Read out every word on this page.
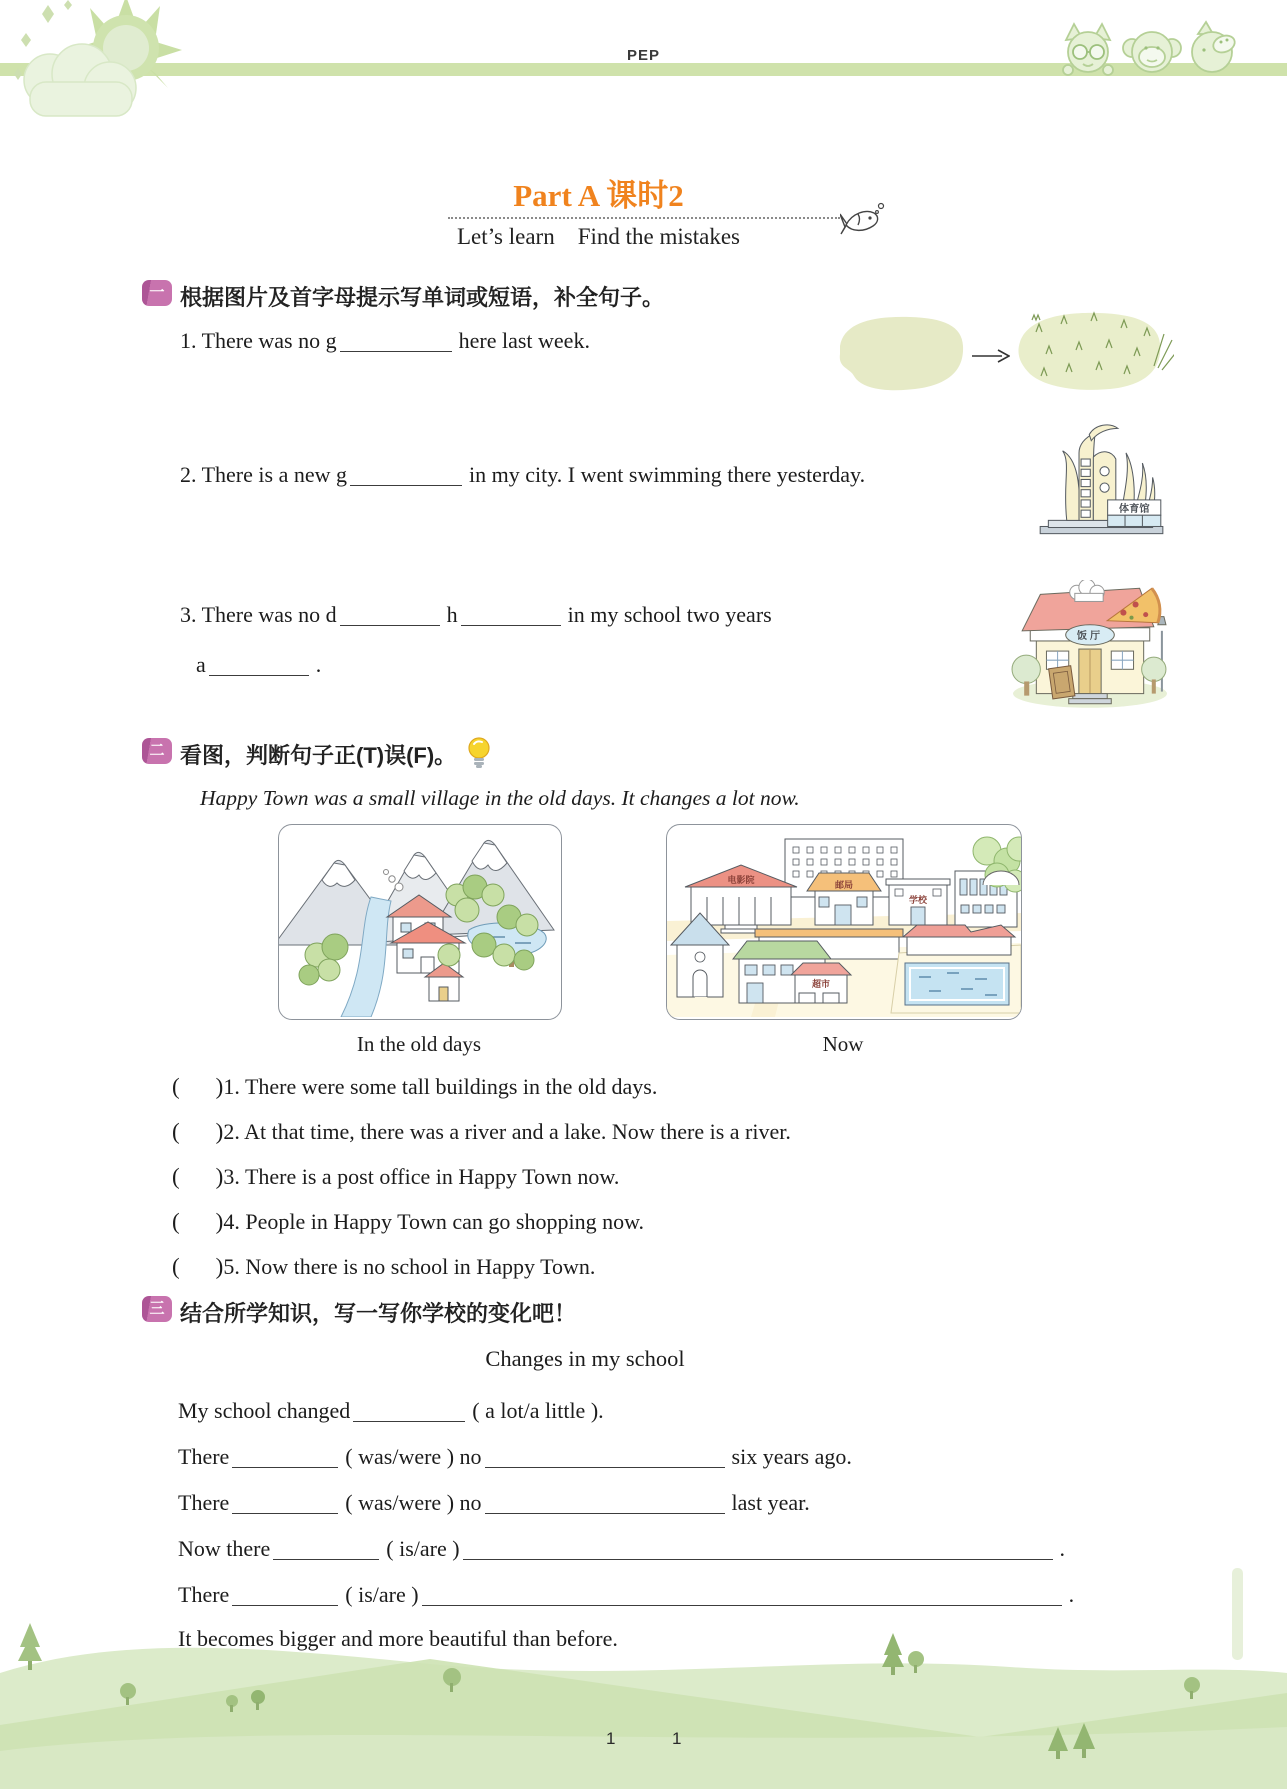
PEP
Part A 课时2
Let’s learn    Find the mistakes
一 根据图片及首字母提示写单词或短语，补全句子。
1. There was no g	here last week.
2. There is a new g	in my city. I went swimming there yesterday.
体育馆
3. There was no d	h	in my school two years
a	.
饭厅
二 看图，判断句子正(T)误(F)。
Happy Town was a small village in the old days. It changes a lot now.
电影院	邮局
学校
超市
In the old days	Now
( )1. There were some tall buildings in the old days.
( )2. At that time, there was a river and a lake. Now there is a river.
( )3. There is a post office in Happy Town now.
( )4. People in Happy Town can go shopping now.
( )5. Now there is no school in Happy Town.
三 结合所学知识，写一写你学校的变化吧！
Changes in my school
My school changed	( a lot/a little ).
There	( was/were ) no	six years ago.
There	( was/were ) no	last year.
Now there	( is/are )	.
There	( is/are )	.
It becomes bigger and more beautiful than before.
1	1
